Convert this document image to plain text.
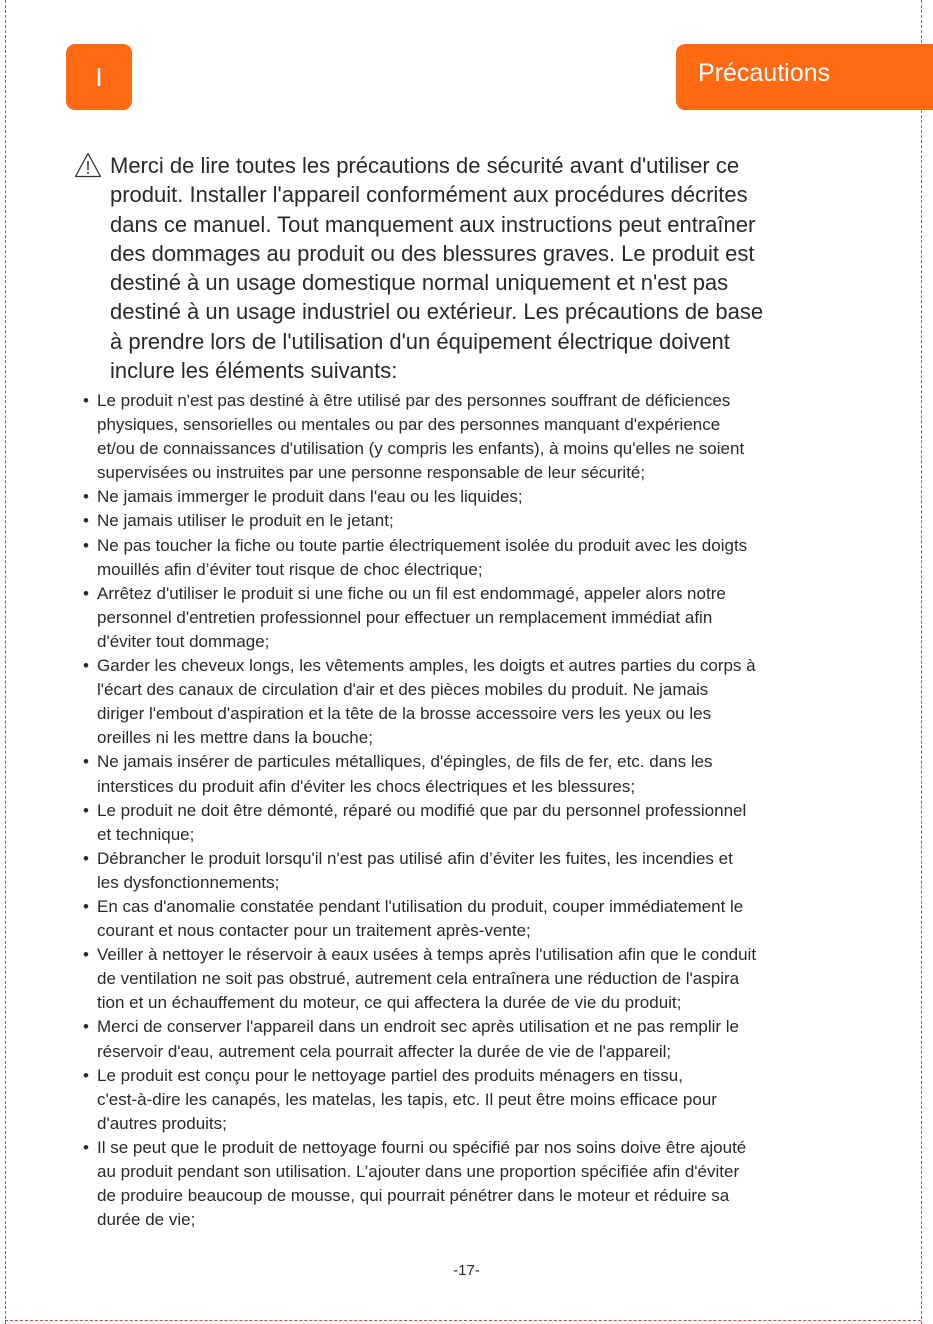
I	Précautions

Merci de lire toutes les précautions de sécurité avant d'utiliser ce
produit. Installer l'appareil conformément aux procédures décrites
dans ce manuel. Tout manquement aux instructions peut entraîner
des dommages au produit ou des blessures graves. Le produit est
destiné à un usage domestique normal uniquement et n'est pas
destiné à un usage industriel ou extérieur. Les précautions de base
à prendre lors de l'utilisation d'un équipement électrique doivent
inclure les éléments suivants:

• Le produit n'est pas destiné à être utilisé par des personnes souffrant de déficiences
physiques, sensorielles ou mentales ou par des personnes manquant d'expérience
et/ou de connaissances d'utilisation (y compris les enfants), à moins qu'elles ne soient
supervisées ou instruites par une personne responsable de leur sécurité;

• Ne jamais immerger le produit dans l'eau ou les liquides;

• Ne jamais utiliser le produit en le jetant;

• Ne pas toucher la fiche ou toute partie électriquement isolée du produit avec les doigts
mouillés afin d’éviter tout risque de choc électrique;

• Arrêtez d'utiliser le produit si une fiche ou un fil est endommagé, appeler alors notre
personnel d'entretien professionnel pour effectuer un remplacement immédiat afin
d'éviter tout dommage;

• Garder les cheveux longs, les vêtements amples, les doigts et autres parties du corps à
l'écart des canaux de circulation d'air et des pièces mobiles du produit. Ne jamais
diriger l'embout d'aspiration et la tête de la brosse accessoire vers les yeux ou les
oreilles ni les mettre dans la bouche;

• Ne jamais insérer de particules métalliques, d'épingles, de fils de fer, etc. dans les
interstices du produit afin d'éviter les chocs électriques et les blessures;

• Le produit ne doit être démonté, réparé ou modifié que par du personnel professionnel
et technique;

• Débrancher le produit lorsqu'il n'est pas utilisé afin d’éviter les fuites, les incendies et
les dysfonctionnements;

• En cas d'anomalie constatée pendant l'utilisation du produit, couper immédiatement le
courant et nous contacter pour un traitement après-vente;

• Veiller à nettoyer le réservoir à eaux usées à temps après l'utilisation afin que le conduit
de ventilation ne soit pas obstrué, autrement cela entraînera une réduction de l'aspira
tion et un échauffement du moteur, ce qui affectera la durée de vie du produit;

• Merci de conserver l'appareil dans un endroit sec après utilisation et ne pas remplir le
réservoir d'eau, autrement cela pourrait affecter la durée de vie de l'appareil;

• Le produit est conçu pour le nettoyage partiel des produits ménagers en tissu,
c'est-à-dire les canapés, les matelas, les tapis, etc. Il peut être moins efficace pour
d'autres produits;

• Il se peut que le produit de nettoyage fourni ou spécifié par nos soins doive être ajouté
au produit pendant son utilisation. L’ajouter dans une proportion spécifiée afin d'éviter
de produire beaucoup de mousse, qui pourrait pénétrer dans le moteur et réduire sa
durée de vie;

-17-
